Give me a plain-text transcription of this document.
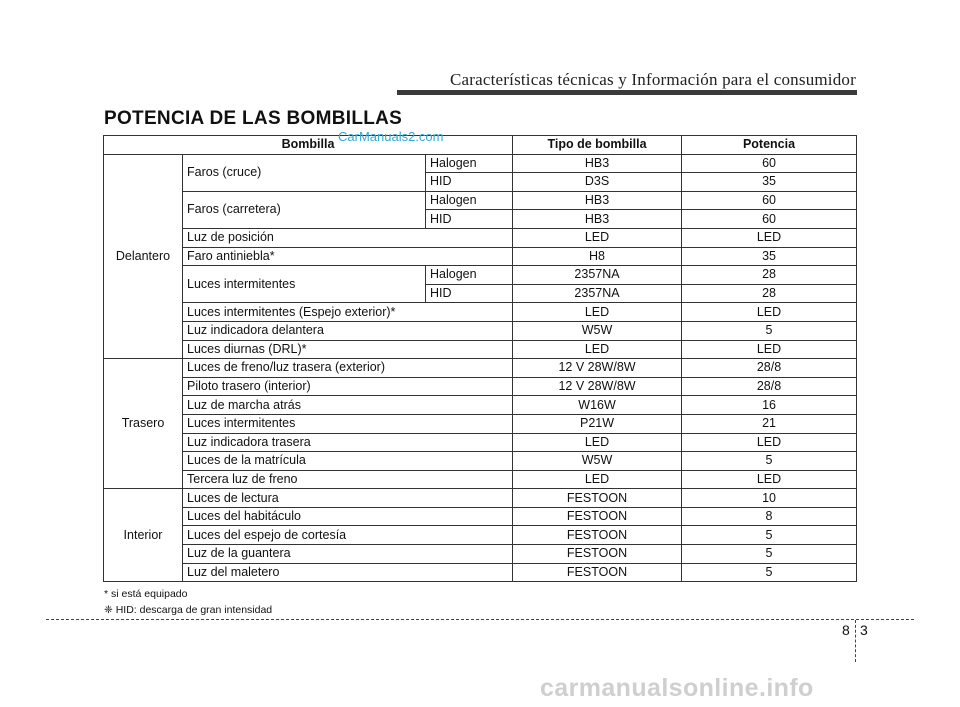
Características técnicas y Información para el consumidor
POTENCIA DE LAS BOMBILLAS
Bombilla			Tipo de bombilla	Potencia
Delantero	Faros (cruce)	Halogen	HB3	60
		HID	D3S	35
	Faros (carretera)	Halogen	HB3	60
		HID	HB3	60
	Luz de posición		LED	LED
	Faro antiniebla*		H8	35
	Luces intermitentes	Halogen	2357NA	28
		HID	2357NA	28
	Luces intermitentes (Espejo exterior)*		LED	LED
	Luz indicadora delantera		W5W	5
	Luces diurnas (DRL)*		LED	LED
Trasero	Luces de freno/luz trasera (exterior)		12 V 28W/8W	28/8
	Piloto trasero (interior)		12 V 28W/8W	28/8
	Luz de marcha atrás		W16W	16
	Luces intermitentes		P21W	21
	Luz indicadora trasera		LED	LED
	Luces de la matrícula		W5W	5
	Tercera luz de freno		LED	LED
Interior	Luces de lectura		FESTOON	10
	Luces del habitáculo		FESTOON	8
	Luces del espejo de cortesía		FESTOON	5
	Luz de la guantera		FESTOON	5
	Luz del maletero		FESTOON	5
CarManuals2.com
* si está equipado
❈ HID: descarga de gran intensidad
8 3
carmanualsonline.info
